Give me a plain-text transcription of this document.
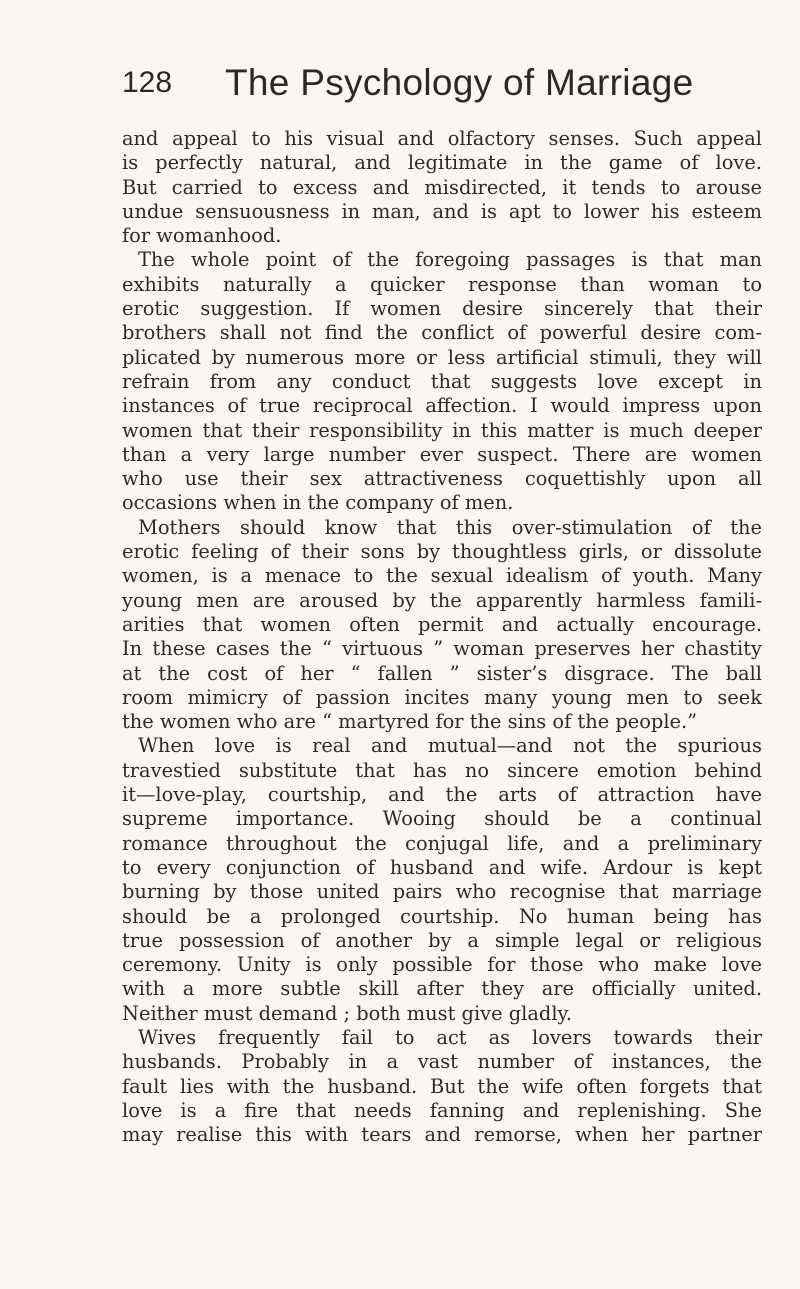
128 The Psychology of Marriage
and appeal to his visual and olfactory senses. Such appeal
is perfectly natural, and legitimate in the game of love.
But carried to excess and misdirected, it tends to arouse
undue sensuousness in man, and is apt to lower his esteem
for womanhood.
The whole point of the foregoing passages is that man
exhibits naturally a quicker response than woman to
erotic suggestion. If women desire sincerely that their
brothers shall not find the conflict of powerful desire com-
plicated by numerous more or less artificial stimuli, they will
refrain from any conduct that suggests love except in
instances of true reciprocal affection. I would impress upon
women that their responsibility in this matter is much deeper
than a very large number ever suspect. There are women
who use their sex attractiveness coquettishly upon all
occasions when in the company of men.
Mothers should know that this over-stimulation of the
erotic feeling of their sons by thoughtless girls, or dissolute
women, is a menace to the sexual idealism of youth. Many
young men are aroused by the apparently harmless famili-
arities that women often permit and actually encourage.
In these cases the “ virtuous ” woman preserves her chastity
at the cost of her “ fallen ” sister’s disgrace. The ball
room mimicry of passion incites many young men to seek
the women who are “ martyred for the sins of the people.”
When love is real and mutual—and not the spurious
travestied substitute that has no sincere emotion behind
it—love-play, courtship, and the arts of attraction have
supreme importance. Wooing should be a continual
romance throughout the conjugal life, and a preliminary
to every conjunction of husband and wife. Ardour is kept
burning by those united pairs who recognise that marriage
should be a prolonged courtship. No human being has
true possession of another by a simple legal or religious
ceremony. Unity is only possible for those who make love
with a more subtle skill after they are officially united.
Neither must demand ; both must give gladly.
Wives frequently fail to act as lovers towards their
husbands. Probably in a vast number of instances, the
fault lies with the husband. But the wife often forgets that
love is a fire that needs fanning and replenishing. She
may realise this with tears and remorse, when her partner
